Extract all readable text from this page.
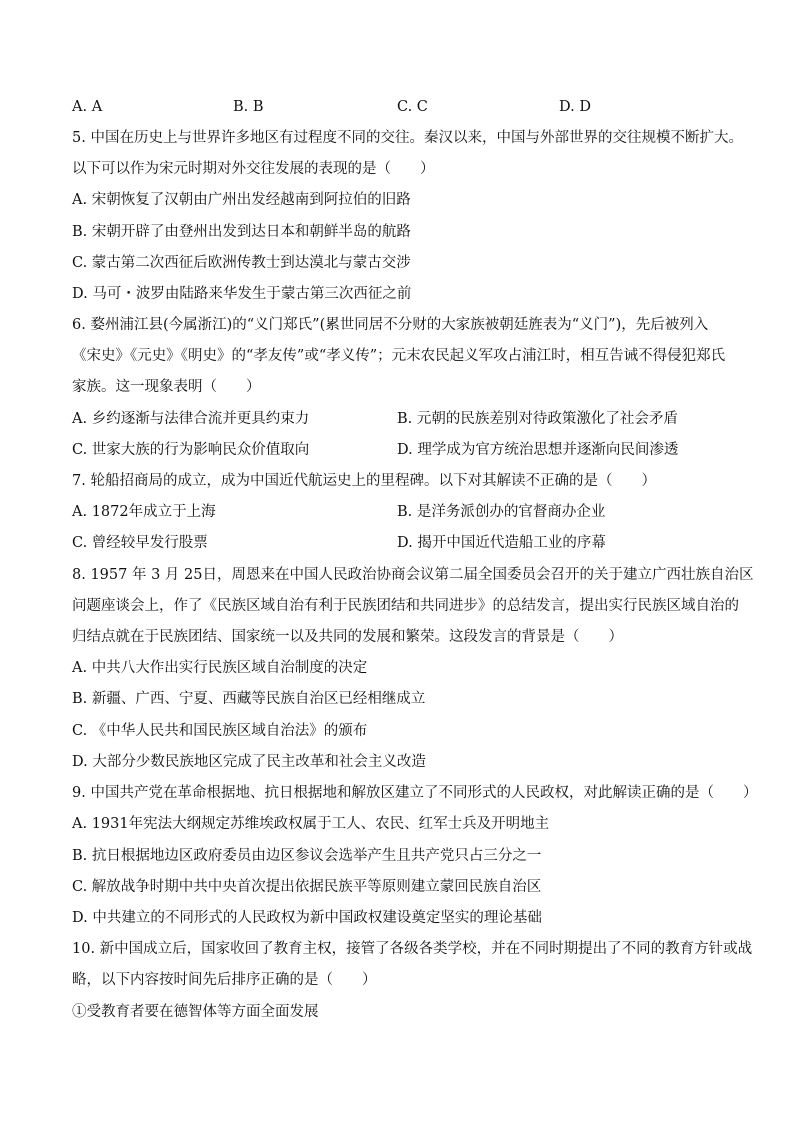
A. A	B. B	C. C	D. D
5. 中国在历史上与世界许多地区有过程度不同的交往。秦汉以来，中国与外部世界的交往规模不断扩大。
以下可以作为宋元时期对外交往发展的表现的是（　　）
A. 宋朝恢复了汉朝由广州出发经越南到阿拉伯的旧路
B. 宋朝开辟了由登州出发到达日本和朝鲜半岛的航路
C. 蒙古第二次西征后欧洲传教士到达漠北与蒙古交涉
D. 马可・波罗由陆路来华发生于蒙古第三次西征之前
6. 婺州浦江县(今属浙江)的“义门郑氏”(累世同居不分财的大家族被朝廷旌表为“义门”)，先后被列入
《宋史》《元史》《明史》的“孝友传”或“孝义传”；元末农民起义军攻占浦江时，相互告诫不得侵犯郑氏
家族。这一现象表明（　　）
A. 乡约逐渐与法律合流并更具约束力	B. 元朝的民族差别对待政策激化了社会矛盾
C. 世家大族的行为影响民众价值取向	D. 理学成为官方统治思想并逐渐向民间渗透
7. 轮船招商局的成立，成为中国近代航运史上的里程碑。以下对其解读不正确的是（　　）
A. 1872年成立于上海	B. 是洋务派创办的官督商办企业
C. 曾经较早发行股票	D. 揭开中国近代造船工业的序幕
8. 1957 年 3 月 25日，周恩来在中国人民政治协商会议第二届全国委员会召开的关于建立广西壮族自治区
问题座谈会上，作了《民族区域自治有利于民族团结和共同进步》的总结发言，提出实行民族区域自治的
归结点就在于民族团结、国家统一以及共同的发展和繁荣。这段发言的背景是（　　）
A. 中共八大作出实行民族区域自治制度的决定
B. 新疆、广西、宁夏、西藏等民族自治区已经相继成立
C. 《中华人民共和国民族区域自治法》的颁布
D. 大部分少数民族地区完成了民主改革和社会主义改造
9. 中国共产党在革命根据地、抗日根据地和解放区建立了不同形式的人民政权，对此解读正确的是（　　）
A. 1931年宪法大纲规定苏维埃政权属于工人、农民、红军士兵及开明地主
B. 抗日根据地边区政府委员由边区参议会选举产生且共产党只占三分之一
C. 解放战争时期中共中央首次提出依据民族平等原则建立蒙回民族自治区
D. 中共建立的不同形式的人民政权为新中国政权建设奠定坚实的理论基础
10. 新中国成立后，国家收回了教育主权，接管了各级各类学校，并在不同时期提出了不同的教育方针或战
略，以下内容按时间先后排序正确的是（　　）
①受教育者要在德智体等方面全面发展
